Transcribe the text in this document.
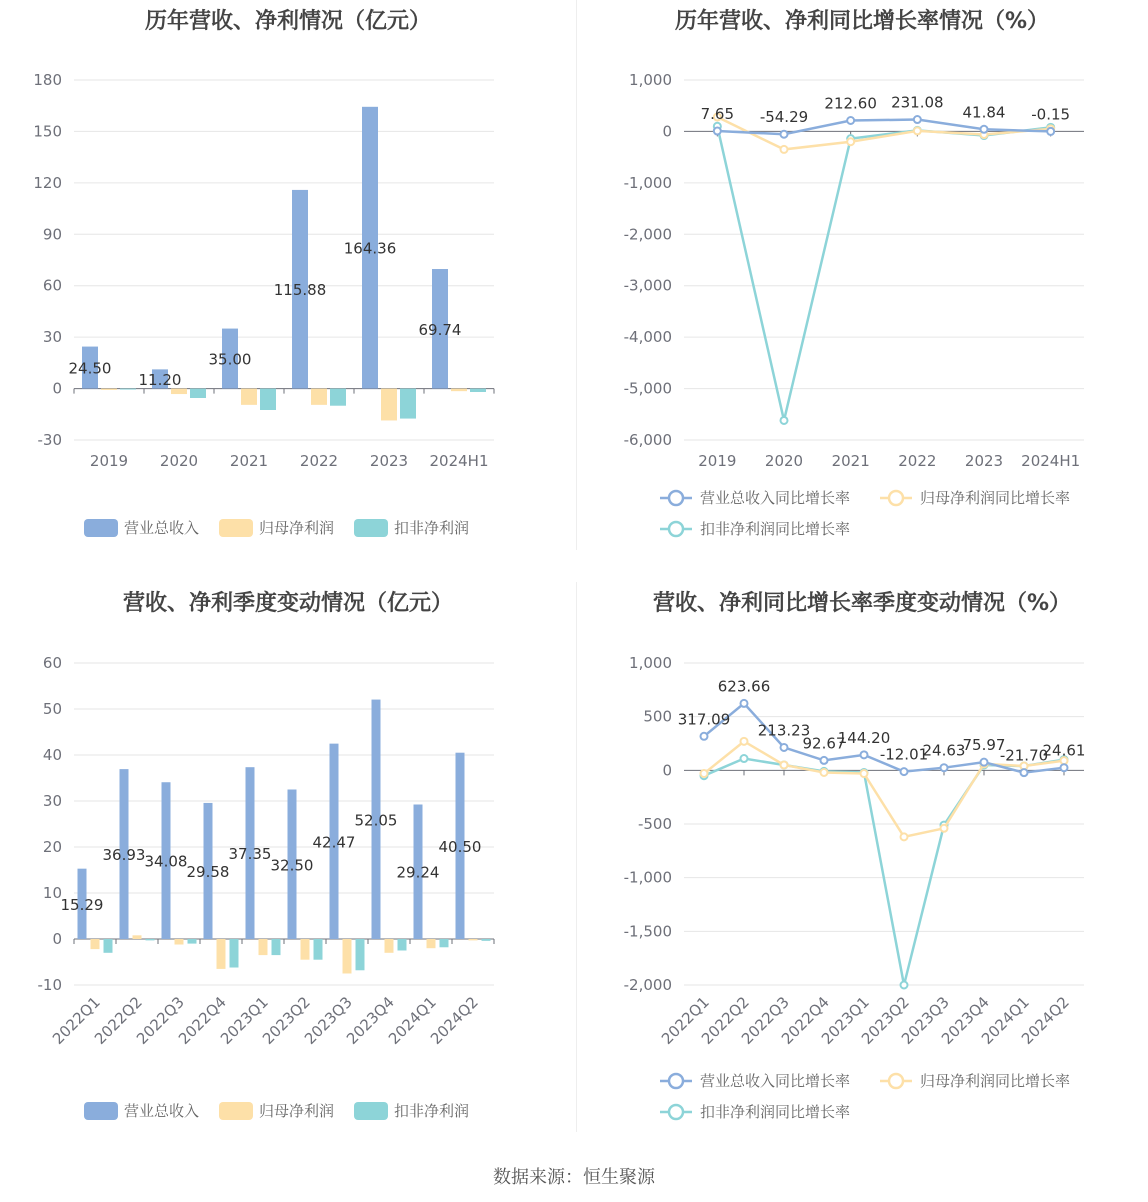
历年营收、净利情况（亿元）
-30
0
30
60
90
120
150
180
2019
24.50
2020
11.20
2021
35.00
2022
115.88
2023
164.36
2024H1
69.74
营业总收入	归母净利润	扣非净利润
历年营收、净利同比增长率情况（%）
-6,000
-5,000
-4,000
-3,000
-2,000
-1,000
0
1,000
2019 2020 2021 2022 2023 2024H1
7.65 -54.29
212.60 231.08
41.84 -0.15
营业总收入同比增长率	归母净利润同比增长率
扣非净利润同比增长率
营收、净利季度变动情况（亿元）
-10
0
10
20
30
40
50
60
2022Q1
15.29
2022Q2
36.93
2022Q3
34.08
2022Q4
29.58
2023Q1
37.35
2023Q2
32.50
2023Q3
42.47
2023Q4
52.05
2024Q1
29.24
2024Q2
40.50
营业总收入	归母净利润	扣非净利润
营收、净利同比增长率季度变动情况（%）
-2,000
-1,500
-1,000
-500
0
500
1,000
2022Q1
2022Q2
2022Q3
2022Q4
2023Q1
2023Q2
2023Q3
2023Q4
2024Q1
2024Q2
317.09
623.66
213.23
92.67
144.20
-12.01
24.63
75.97
-21.70
24.61
营业总收入同比增长率	归母净利润同比增长率
扣非净利润同比增长率
数据来源：恒生聚源
